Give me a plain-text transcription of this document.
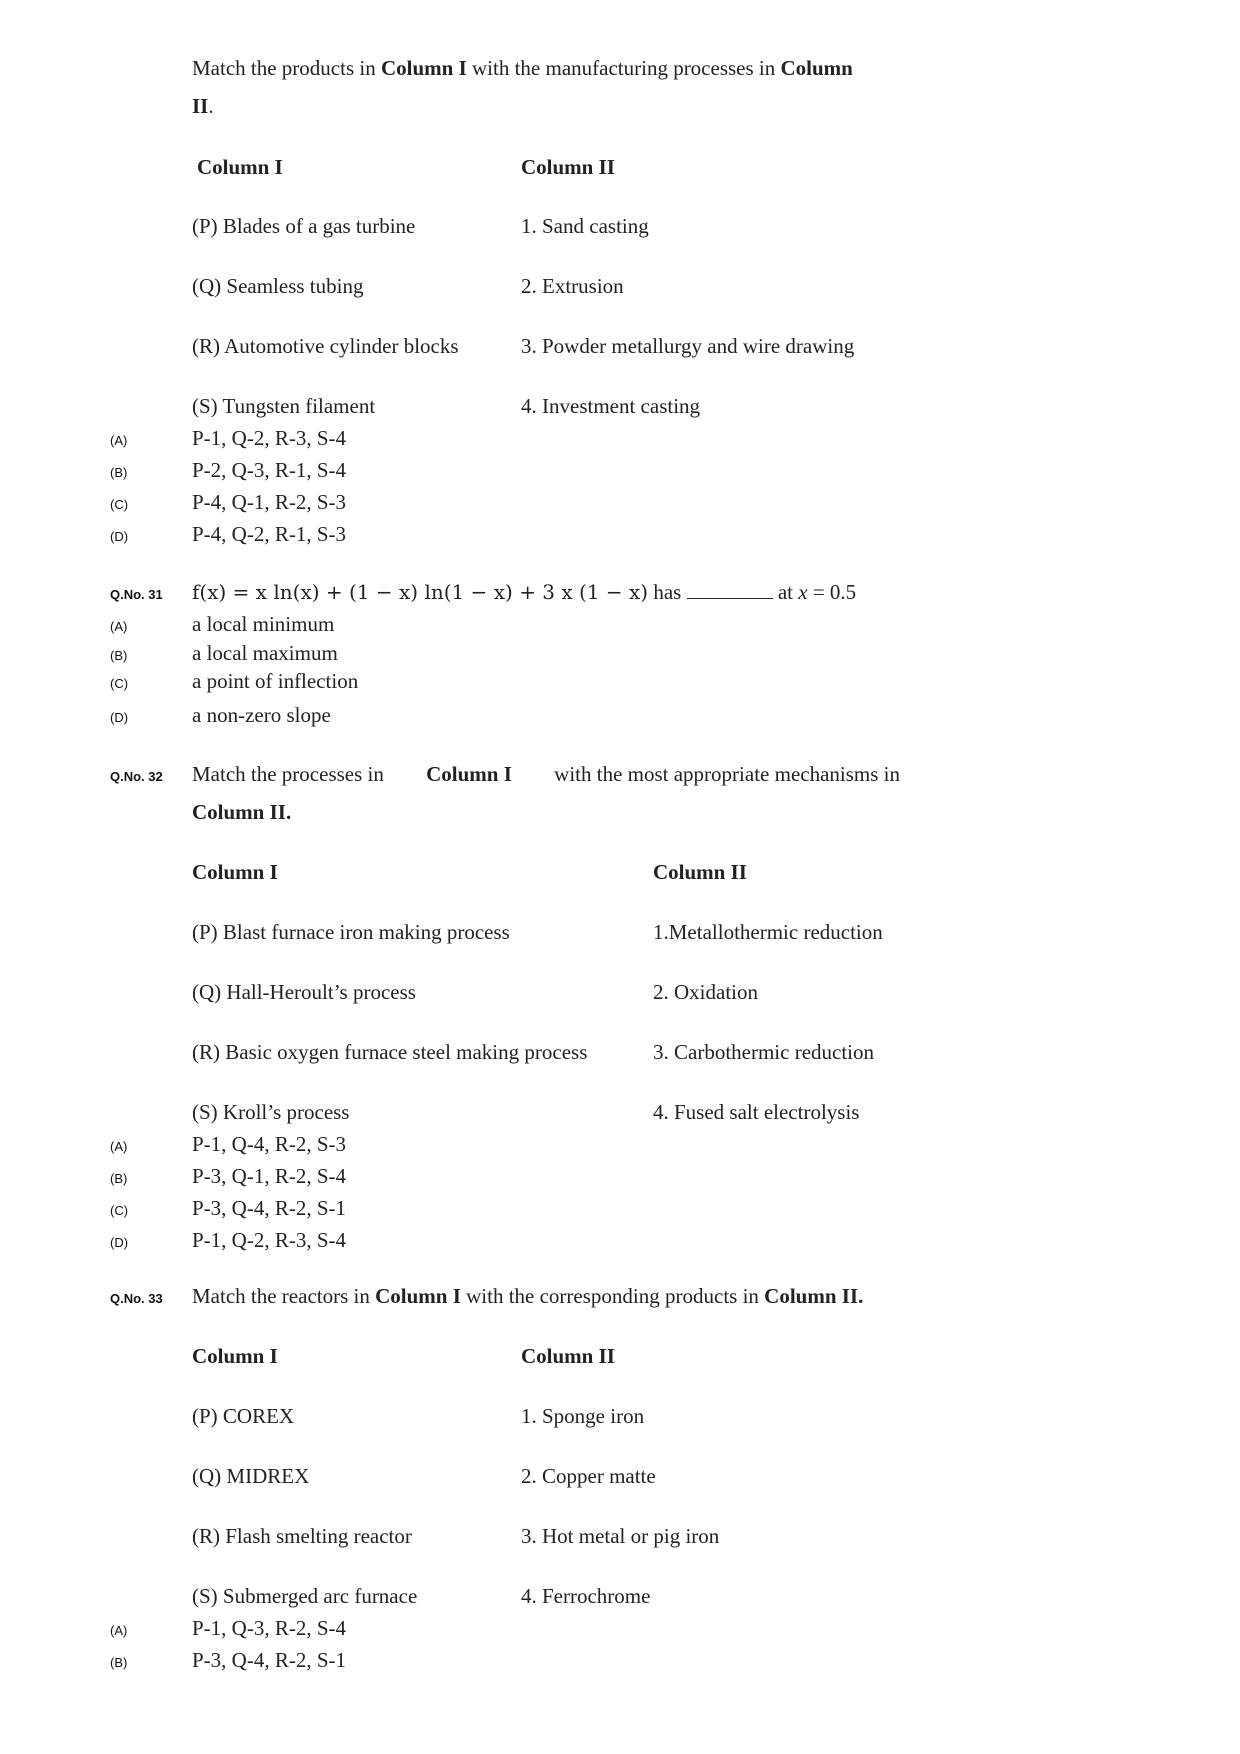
Match the products in Column I with the manufacturing processes in Column
II.
Column I	Column II
(P) Blades of a gas turbine	1. Sand casting
(Q) Seamless tubing	2. Extrusion
(R) Automotive cylinder blocks	3. Powder metallurgy and wire drawing
(S) Tungsten filament	4. Investment casting
(A)	P-1, Q-2, R-3, S-4
(B)	P-2, Q-3, R-1, S-4
(C)	P-4, Q-1, R-2, S-3
(D)	P-4, Q-2, R-1, S-3
Q.No. 31 f(x) = x ln(x) + (1 − x) ln(1 − x) + 3 x (1 − x) has	at x = 0.5
(A)	a local minimum
(B)	a local maximum
(C)	a point of inflection
(D)	a non-zero slope
Q.No. 32 Match the processes in Column I with the most appropriate mechanisms in
Column II.
Column I	Column II
(P) Blast furnace iron making process	1.Metallothermic reduction
(Q) Hall-Heroult’s process	2. Oxidation
(R) Basic oxygen furnace steel making process	3. Carbothermic reduction
(S) Kroll’s process	4. Fused salt electrolysis
(A)	P-1, Q-4, R-2, S-3
(B)	P-3, Q-1, R-2, S-4
(C)	P-3, Q-4, R-2, S-1
(D)	P-1, Q-2, R-3, S-4
Q.No. 33 Match the reactors in Column I with the corresponding products in Column II.
Column I	Column II
(P) COREX	1. Sponge iron
(Q) MIDREX	2. Copper matte
(R) Flash smelting reactor	3. Hot metal or pig iron
(S) Submerged arc furnace	4. Ferrochrome
(A)	P-1, Q-3, R-2, S-4
(B)	P-3, Q-4, R-2, S-1
